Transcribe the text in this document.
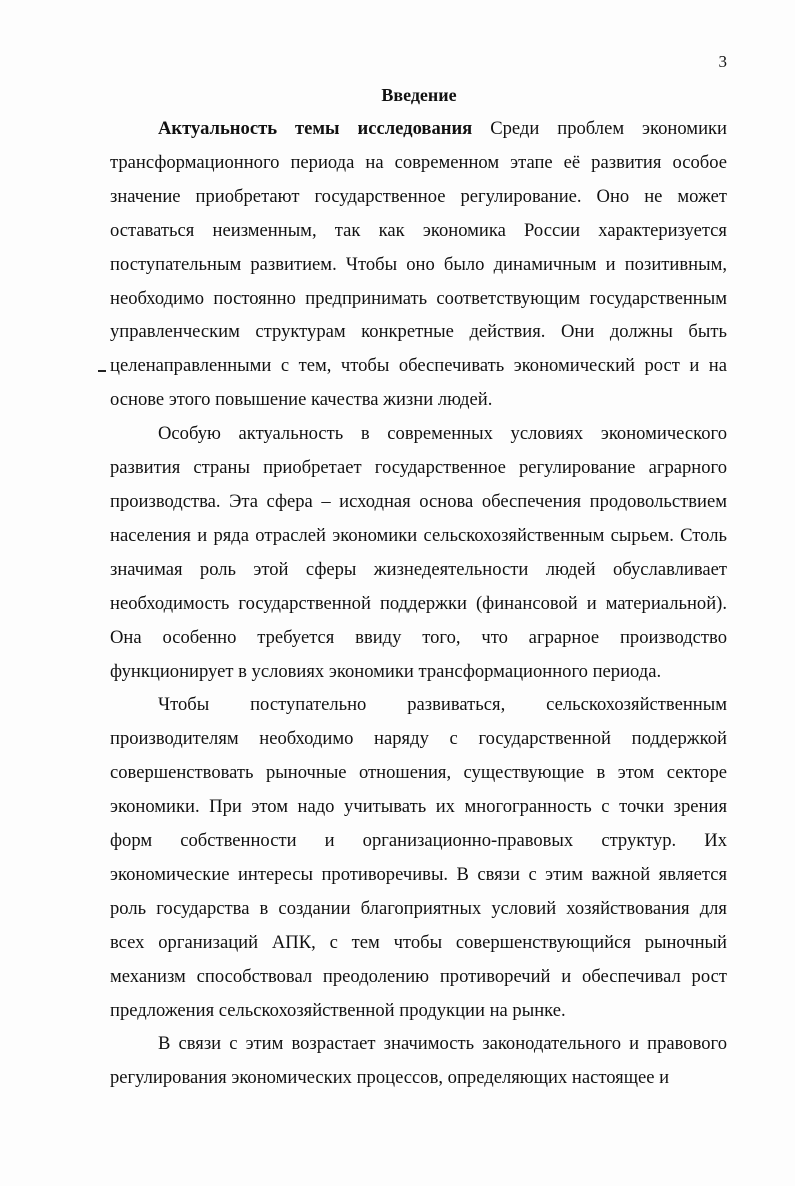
3
Введение

Актуальность темы исследования Среди проблем экономики трансформационного периода на современном этапе её развития особое значение приобретают государственное регулирование. Оно не может оставаться неизменным, так как экономика России характеризуется поступательным развитием. Чтобы оно было динамичным и позитивным, необходимо постоянно предпринимать соответствующим государственным управленческим структурам конкретные действия. Они должны быть целенаправленными с тем, чтобы обеспечивать экономический рост и на основе этого повышение качества жизни людей.

Особую актуальность в современных условиях экономического развития страны приобретает государственное регулирование аграрного производства. Эта сфера – исходная основа обеспечения продовольствием населения и ряда отраслей экономики сельскохозяйственным сырьем. Столь значимая роль этой сферы жизнедеятельности людей обуславливает необходимость государственной поддержки (финансовой и материальной). Она особенно требуется ввиду того, что аграрное производство функционирует в условиях экономики трансформационного периода.

Чтобы поступательно развиваться, сельскохозяйственным производителям необходимо наряду с государственной поддержкой совершенствовать рыночные отношения, существующие в этом секторе экономики. При этом надо учитывать их многогранность с точки зрения форм собственности и организационно-правовых структур. Их экономические интересы противоречивы. В связи с этим важной является роль государства в создании благоприятных условий хозяйствования для всех организаций АПК, с тем чтобы совершенствующийся рыночный механизм способствовал преодолению противоречий и обеспечивал рост предложения сельскохозяйственной продукции на рынке.

В связи с этим возрастает значимость законодательного и правового регулирования экономических процессов, определяющих настоящее и
